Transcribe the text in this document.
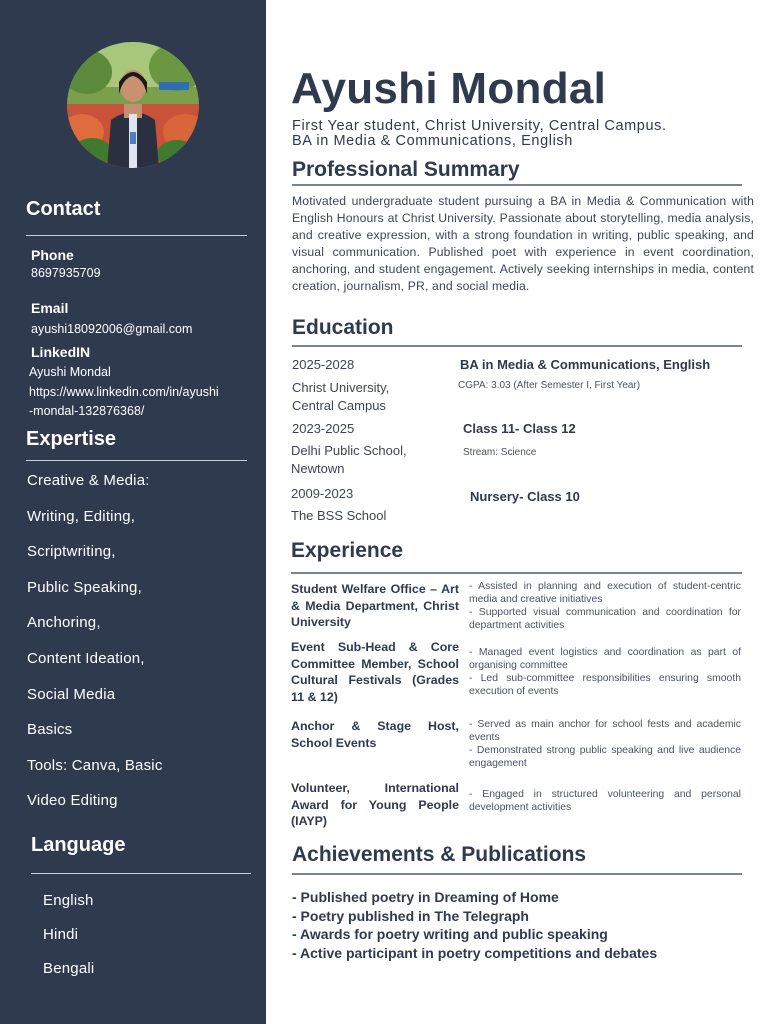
Contact
Phone
8697935709
Email
ayushi18092006@gmail.com
LinkedIN
Ayushi Mondal
https://www.linkedin.com/in/ayushi
-mondal-132876368/
Expertise
Creative & Media:
Writing, Editing,
Scriptwriting,
Public Speaking,
Anchoring,
Content Ideation,
Social Media
Basics
Tools: Canva, Basic
Video Editing
Language
English
Hindi
Bengali
Ayushi Mondal
First Year student, Christ University, Central Campus.
BA in Media & Communications, English
Professional Summary

Motivated undergraduate student pursuing a BA in Media & Communication with English Honours at Christ University. Passionate about storytelling, media analysis, and creative expression, with a strong foundation in writing, public speaking, and visual communication. Published poet with experience in event coordination, anchoring, and student engagement. Actively seeking internships in media, content creation, journalism, PR, and social media.

Education
2025-2028
Christ University, Central Campus
BA in Media & Communications, English
CGPA: 3.03 (After Semester I, First Year)
2023-2025
Delhi Public School, Newtown
Class 11- Class 12
Stream: Science
2009-2023
The BSS School
Nursery- Class 10
Experience
Student Welfare Office – Art & Media Department, Christ University
- Assisted in planning and execution of student-centric media and creative initiatives
- Supported visual communication and coordination for department activities
Event Sub-Head & Core Committee Member, School Cultural Festivals (Grades 11 & 12)
- Managed event logistics and coordination as part of organising committee
- Led sub-committee responsibilities ensuring smooth execution of events
Anchor & Stage Host, School Events
- Served as main anchor for school fests and academic events
- Demonstrated strong public speaking and live audience engagement
Volunteer, International Award for Young People (IAYP)
- Engaged in structured volunteering and personal development activities
Achievements & Publications
- Published poetry in Dreaming of Home
- Poetry published in The Telegraph
- Awards for poetry writing and public speaking
- Active participant in poetry competitions and debates
